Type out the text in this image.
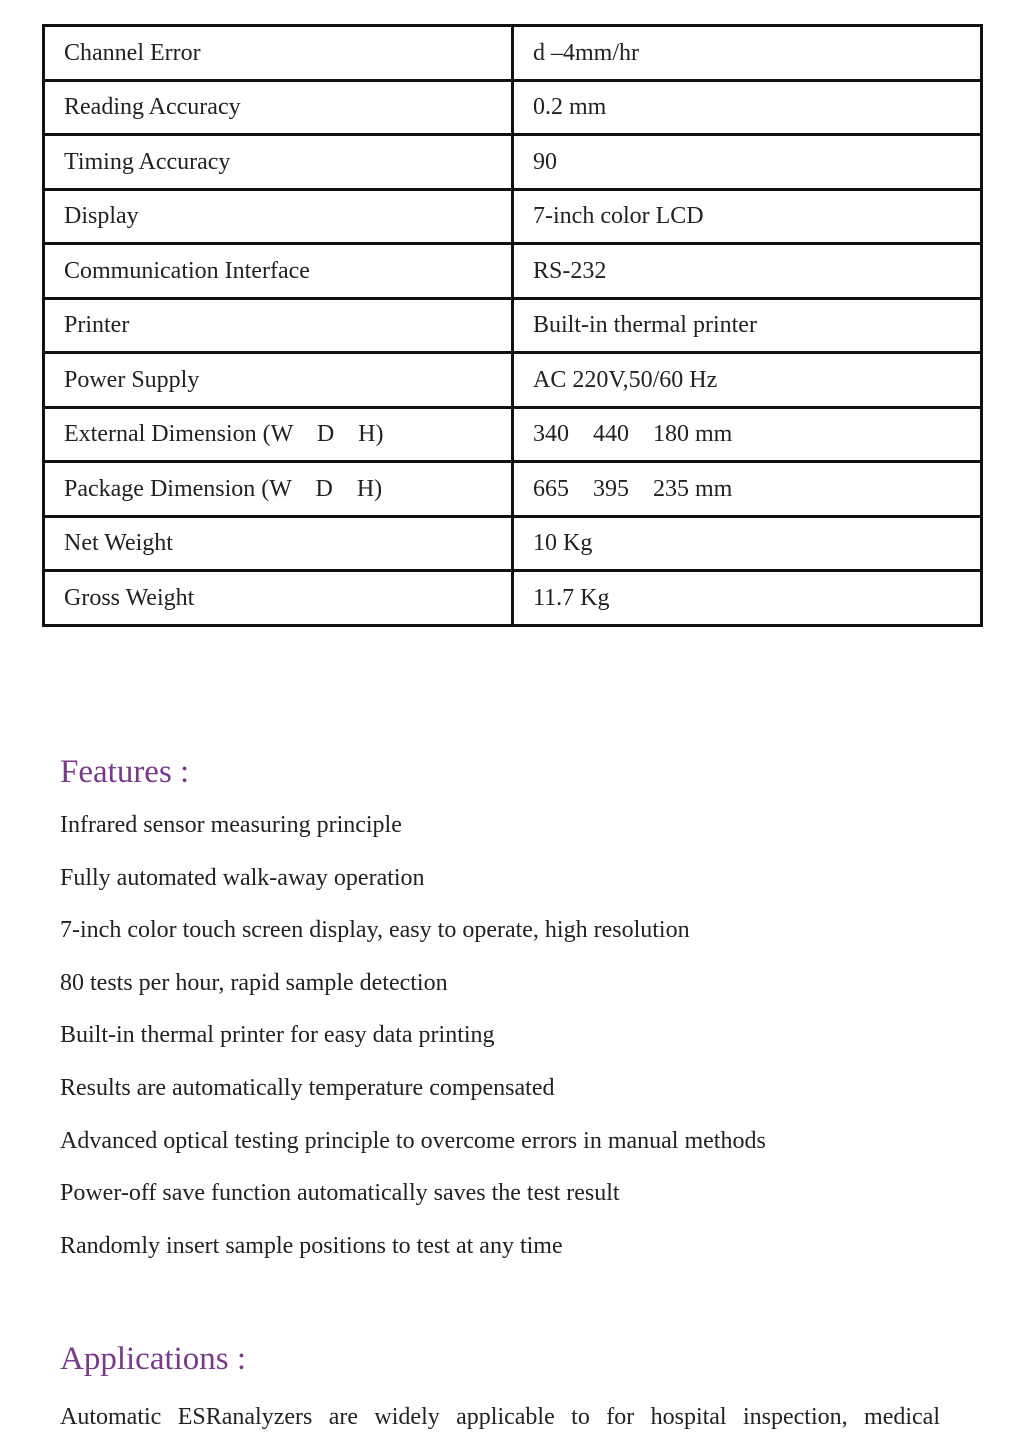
Channel Error	d –4mm/hr
Reading Accuracy	0.2 mm
Timing Accuracy	90
Display	7-inch color LCD
Communication Interface	RS-232
Printer	Built-in thermal printer
Power Supply	AC 220V,50/60 Hz
External Dimension (W    D    H)	340    440    180 mm
Package Dimension (W    D    H)	665    395    235 mm
Net Weight	10 Kg
Gross Weight	11.7 Kg
Features :
Infrared sensor measuring principle
Fully automated walk-away operation
7-inch color touch screen display, easy to operate, high resolution
80 tests per hour, rapid sample detection
Built-in thermal printer for easy data printing
Results are automatically temperature compensated
Advanced optical testing principle to overcome errors in manual methods
Power-off save function automatically saves the test result
Randomly insert sample positions to test at any time
Applications :

Automatic ESRanalyzers are widely applicable to for hospital inspection, medical
